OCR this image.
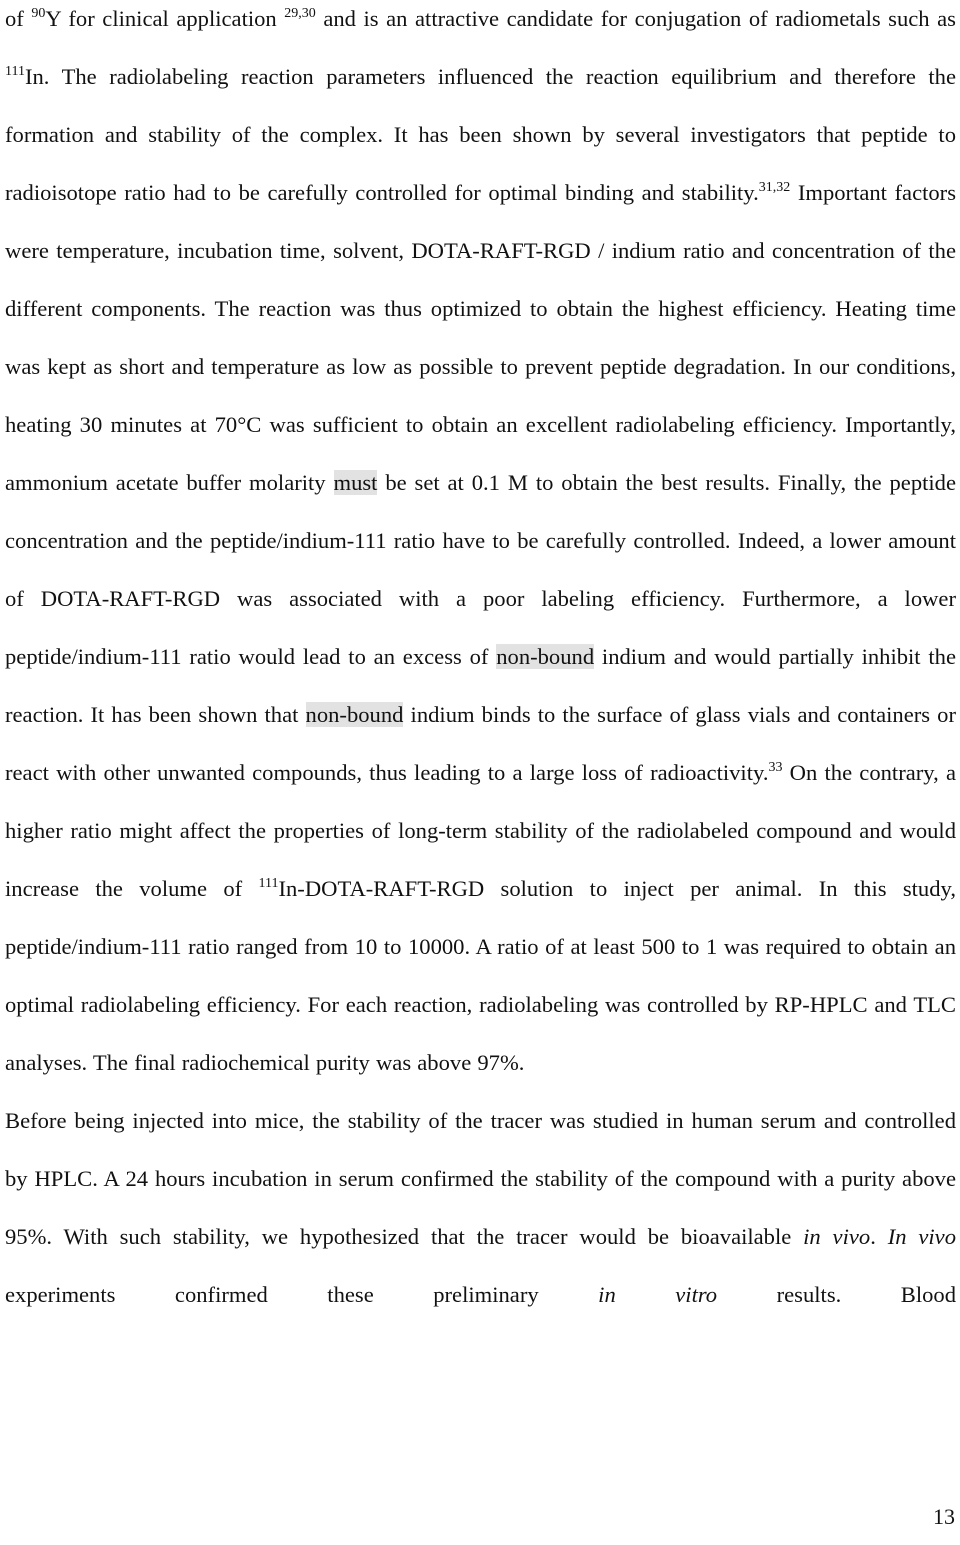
of $^{90}$Y for clinical application $^{29,30}$ and is an attractive candidate for conjugation of radiometals such as $^{111}$In. The radiolabeling reaction parameters influenced the reaction equilibrium and therefore the formation and stability of the complex. It has been shown by several investigators that peptide to radioisotope ratio had to be carefully controlled for optimal binding and stability.$^{31,32}$ Important factors were temperature, incubation time, solvent, DOTA-RAFT-RGD / indium ratio and concentration of the different components. The reaction was thus optimized to obtain the highest efficiency. Heating time was kept as short and temperature as low as possible to prevent peptide degradation. In our conditions, heating 30 minutes at 70°C was sufficient to obtain an excellent radiolabeling efficiency. Importantly, ammonium acetate buffer molarity must be set at 0.1 M to obtain the best results. Finally, the peptide concentration and the peptide/indium-111 ratio have to be carefully controlled. Indeed, a lower amount of DOTA-RAFT-RGD was associated with a poor labeling efficiency. Furthermore, a lower peptide/indium-111 ratio would lead to an excess of non-bound indium and would partially inhibit the reaction. It has been shown that non-bound indium binds to the surface of glass vials and containers or react with other unwanted compounds, thus leading to a large loss of radioactivity.$^{33}$ On the contrary, a higher ratio might affect the properties of long-term stability of the radiolabeled compound and would increase the volume of $^{111}$In-DOTA-RAFT-RGD solution to inject per animal. In this study, peptide/indium-111 ratio ranged from 10 to 10000. A ratio of at least 500 to 1 was required to obtain an optimal radiolabeling efficiency. For each reaction, radiolabeling was controlled by RP-HPLC and TLC analyses. The final radiochemical purity was above 97%.

Before being injected into mice, the stability of the tracer was studied in human serum and controlled by HPLC. A 24 hours incubation in serum confirmed the stability of the compound with a purity above 95%. With such stability, we hypothesized that the tracer would be bioavailable in vivo. In vivo experiments confirmed these preliminary in vitro results. Blood

13
